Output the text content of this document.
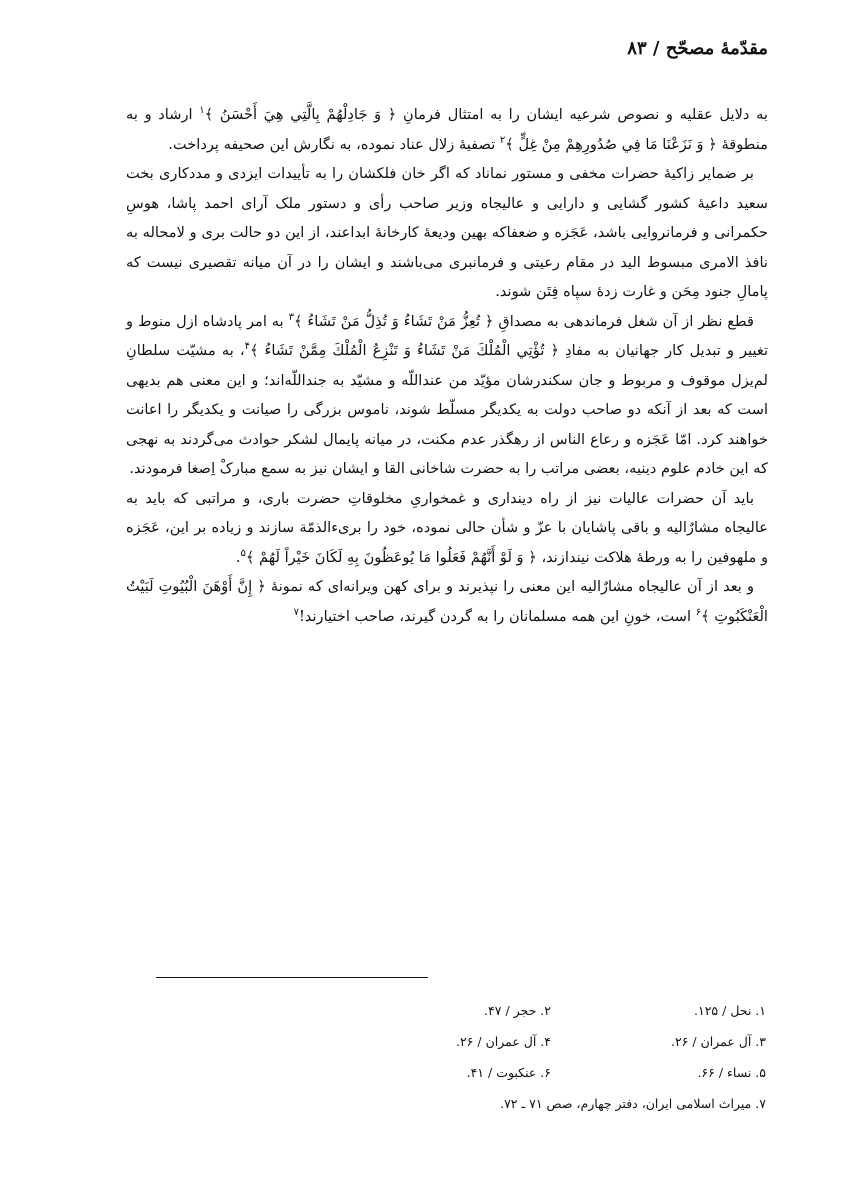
مقدّمهٔ مصحّح / ۸۳

به دلایل عقلیه و نصوص شرعیه ایشان را به امتثال فرمانِ ﴿ وَ جَادِلْهُمْ بِالَّتِي هِيَ أَحْسَنُ ﴾$^۱$ ارشاد و به منطوقهٔ ﴿ وَ نَزَعْنَا مَا فِي صُدُورِهِمْ مِنْ غِلٍّ ﴾$^۲$ تصفیهٔ زلال عناد نموده، به نگارش این صحیفه پرداخت.

بر ضمایر زاکیهٔ حضرات مخفی و مستور نماناد که اگر خان فلکشان را به تأییدات ایزدی و مددکاری بخت سعید داعیهٔ کشور گشایی و دارایی و عالیجاه وزیر صاحب رأی و دستور ملک آرای احمد پاشا، هوسِ حکمرانی و فرمانروایی باشد، عَجَزه و ضعفاکه بهین ودیعهٔ کارخانهٔ ابداعند، از این دو حالت بری و لامحاله به نافذ الامری مبسوط الید در مقام رعیتی و فرمانبری می‌باشند و ایشان را در آن میانه تقصیری نیست که پامالِ جنود مِحَن و غارت زدهٔ سپاه فِتَن شوند.

قطع نظر از آن شغل فرماندهی به مصداقِ ﴿ تُعِزُّ مَنْ تَشَاءُ وَ تُذِلُّ مَنْ تَشَاءُ ﴾$^۳$ به امر پادشاه ازل منوط و تغییر و تبدیل کار جهانیان به مفادِ ﴿ تُؤْتِي الْمُلْكَ مَنْ تَشَاءُ وَ تَنْزِعُ الْمُلْكَ مِمَّنْ تَشَاءُ ﴾$^۴$، به مشیّت سلطانِ لم‌یزل موقوف و مربوط و جان سکندرشان مؤیّد من عنداللّه و مشیّد به جنداللّه‌اند؛ و این معنی هم بدیهی است که بعد از آنکه دو صاحب دولت به یکدیگر مسلّط شوند، ناموس بزرگی را صیانت و یکدیگر را اعانت خواهند کرد. امّا عَجَزه و رعاع الناس از رهگذر عدم مکنت، در میانه پایمال لشکر حوادث می‌گردند به نهجی که این خادم علوم دینیه، بعضی مراتب را به حضرت شاخانی القا و ایشان نیز به سمع مبارکْ اِصغا فرمودند.

باید آن حضرات عالیات نیز از راه دینداری و غمخواریِ مخلوقاتِ حضرت باری، و مراتبی که باید به عالیجاه مشارٌالیه و باقی پاشایان با عزّ و شأن حالی نموده، خود را بریءالذمّة سازند و زیاده بر این، عَجَزه و ملهوفین را به ورطهٔ هلاکت نیندازند، ﴿ وَ لَوْ أَنَّهُمْ فَعَلُوا مَا يُوعَظُونَ بِهِ لَكَانَ خَيْراً لَهُمْ ﴾$^۵$.

و بعد از آن عالیجاه مشارٌالیه این معنی را نپذیرند و برای کهن ویرانه‌ای که نمونهٔ ﴿ إِنَّ أَوْهَنَ الْبُيُوتِ لَبَيْتُ الْعَنْكَبُوتِ ﴾$^۶$ است، خونِ این همه مسلمانان را به گردن گیرند، صاحب اختیارند!$^۷$

۱. نحل / ۱۲۵.
۲. حجر / ۴۷.
۳. آل عمران / ۲۶.
۴. آل عمران / ۲۶.
۵. نساء / ۶۶.
۶. عنکبوت / ۴۱.
۷. میراث اسلامی ایران، دفتر چهارم، صص ۷۱ ـ ۷۲.
